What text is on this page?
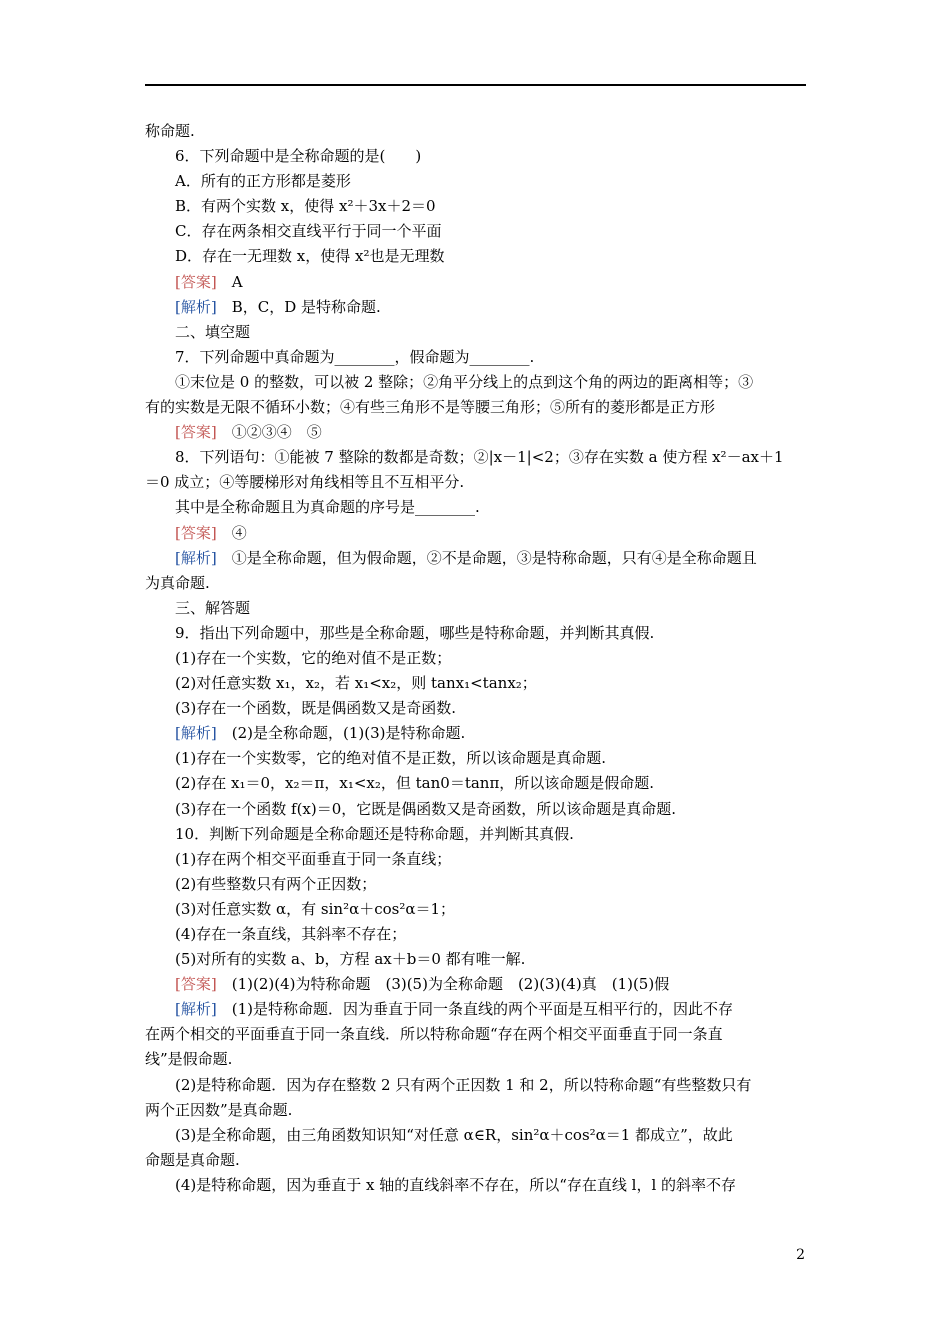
称命题.
6．下列命题中是全称命题的是(　　)
A．所有的正方形都是菱形
B．有两个实数 x，使得 x²＋3x＋2＝0
C．存在两条相交直线平行于同一个平面
D．存在一无理数 x，使得 x²也是无理数
[答案]　A
[解析]　B，C，D 是特称命题.
二、填空题
7．下列命题中真命题为________，假命题为________.
①末位是 0 的整数，可以被 2 整除；②角平分线上的点到这个角的两边的距离相等；③
有的实数是无限不循环小数；④有些三角形不是等腰三角形；⑤所有的菱形都是正方形
[答案]　①②③④　⑤
8．下列语句：①能被 7 整除的数都是奇数；②|x－1|<2；③存在实数 a 使方程 x²－ax＋1
＝0 成立；④等腰梯形对角线相等且不互相平分.
其中是全称命题且为真命题的序号是________.
[答案]　④
[解析]　①是全称命题，但为假命题，②不是命题，③是特称命题，只有④是全称命题且
为真命题.
三、解答题
9．指出下列命题中，那些是全称命题，哪些是特称命题，并判断其真假.
(1)存在一个实数，它的绝对值不是正数；
(2)对任意实数 x₁，x₂，若 x₁<x₂，则 tanx₁<tanx₂；
(3)存在一个函数，既是偶函数又是奇函数.
[解析]　(2)是全称命题，(1)(3)是特称命题.
(1)存在一个实数零，它的绝对值不是正数，所以该命题是真命题.
(2)存在 x₁＝0，x₂＝π，x₁<x₂，但 tan0＝tanπ，所以该命题是假命题.
(3)存在一个函数 f(x)＝0，它既是偶函数又是奇函数，所以该命题是真命题.
10．判断下列命题是全称命题还是特称命题，并判断其真假.
(1)存在两个相交平面垂直于同一条直线；
(2)有些整数只有两个正因数；
(3)对任意实数 α，有 sin²α＋cos²α＝1；
(4)存在一条直线，其斜率不存在；
(5)对所有的实数 a、b，方程 ax＋b＝0 都有唯一解.
[答案]　(1)(2)(4)为特称命题　(3)(5)为全称命题　(2)(3)(4)真　(1)(5)假
[解析]　(1)是特称命题．因为垂直于同一条直线的两个平面是互相平行的，因此不存
在两个相交的平面垂直于同一条直线．所以特称命题“存在两个相交平面垂直于同一条直
线”是假命题.
(2)是特称命题．因为存在整数 2 只有两个正因数 1 和 2，所以特称命题“有些整数只有
两个正因数”是真命题.
(3)是全称命题，由三角函数知识知“对任意 α∈R，sin²α＋cos²α＝1 都成立”，故此
命题是真命题.
(4)是特称命题，因为垂直于 x 轴的直线斜率不存在，所以“存在直线 l，l 的斜率不存
2
